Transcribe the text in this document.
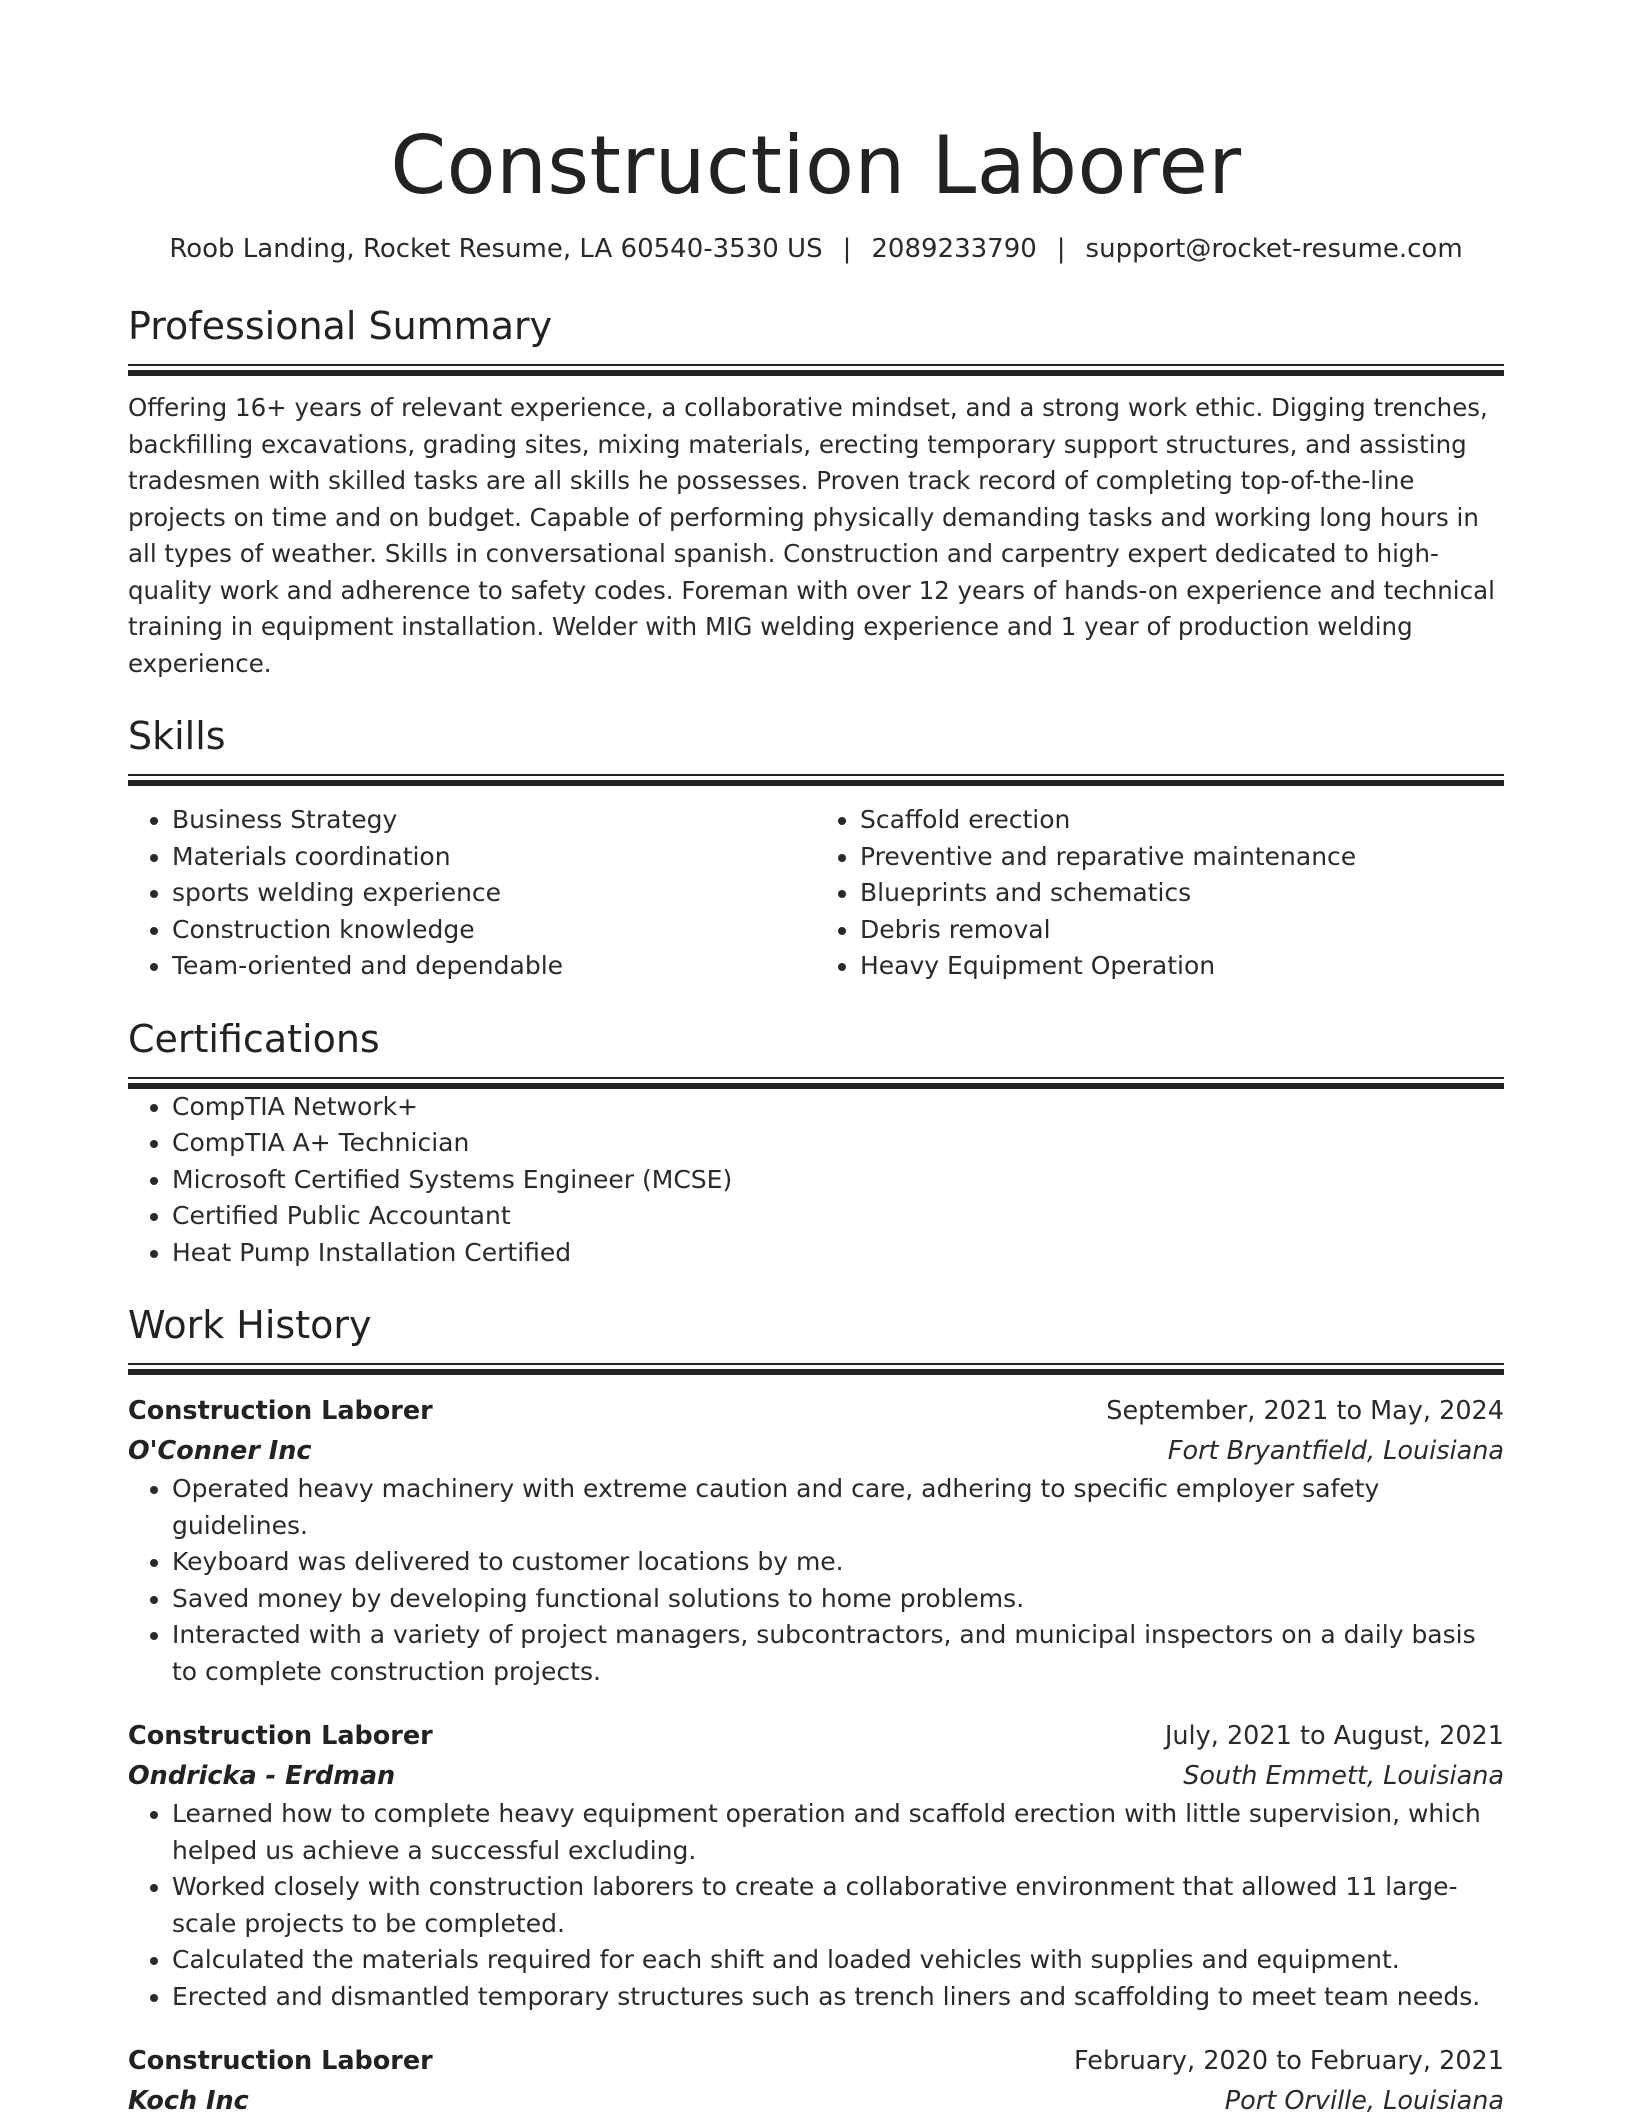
Construction Laborer
Roob Landing, Rocket Resume, LA 60540-3530 US | 2089233790 | support@rocket-resume.com
Professional Summary
Offering 16+ years of relevant experience, a collaborative mindset, and a strong work ethic. Digging trenches, backfilling excavations, grading sites, mixing materials, erecting temporary support structures, and assisting tradesmen with skilled tasks are all skills he possesses. Proven track record of completing top-of-the-line projects on time and on budget. Capable of performing physically demanding tasks and working long hours in all types of weather. Skills in conversational spanish. Construction and carpentry expert dedicated to high-quality work and adherence to safety codes. Foreman with over 12 years of hands-on experience and technical training in equipment installation. Welder with MIG welding experience and 1 year of production welding experience.
Skills
• Business Strategy
• Materials coordination
• sports welding experience
• Construction knowledge
• Team-oriented and dependable
• Scaffold erection
• Preventive and reparative maintenance
• Blueprints and schematics
• Debris removal
• Heavy Equipment Operation
Certifications
• CompTIA Network+
• CompTIA A+ Technician
• Microsoft Certified Systems Engineer (MCSE)
• Certified Public Accountant
• Heat Pump Installation Certified
Work History
Construction Laborer	September, 2021 to May, 2024
O'Conner Inc	Fort Bryantfield, Louisiana
• Operated heavy machinery with extreme caution and care, adhering to specific employer safety guidelines.
• Keyboard was delivered to customer locations by me.
• Saved money by developing functional solutions to home problems.
• Interacted with a variety of project managers, subcontractors, and municipal inspectors on a daily basis to complete construction projects.
Construction Laborer	July, 2021 to August, 2021
Ondricka - Erdman	South Emmett, Louisiana
• Learned how to complete heavy equipment operation and scaffold erection with little supervision, which helped us achieve a successful excluding.
• Worked closely with construction laborers to create a collaborative environment that allowed 11 large-scale projects to be completed.
• Calculated the materials required for each shift and loaded vehicles with supplies and equipment.
• Erected and dismantled temporary structures such as trench liners and scaffolding to meet team needs.
Construction Laborer	February, 2020 to February, 2021
Koch Inc	Port Orville, Louisiana
